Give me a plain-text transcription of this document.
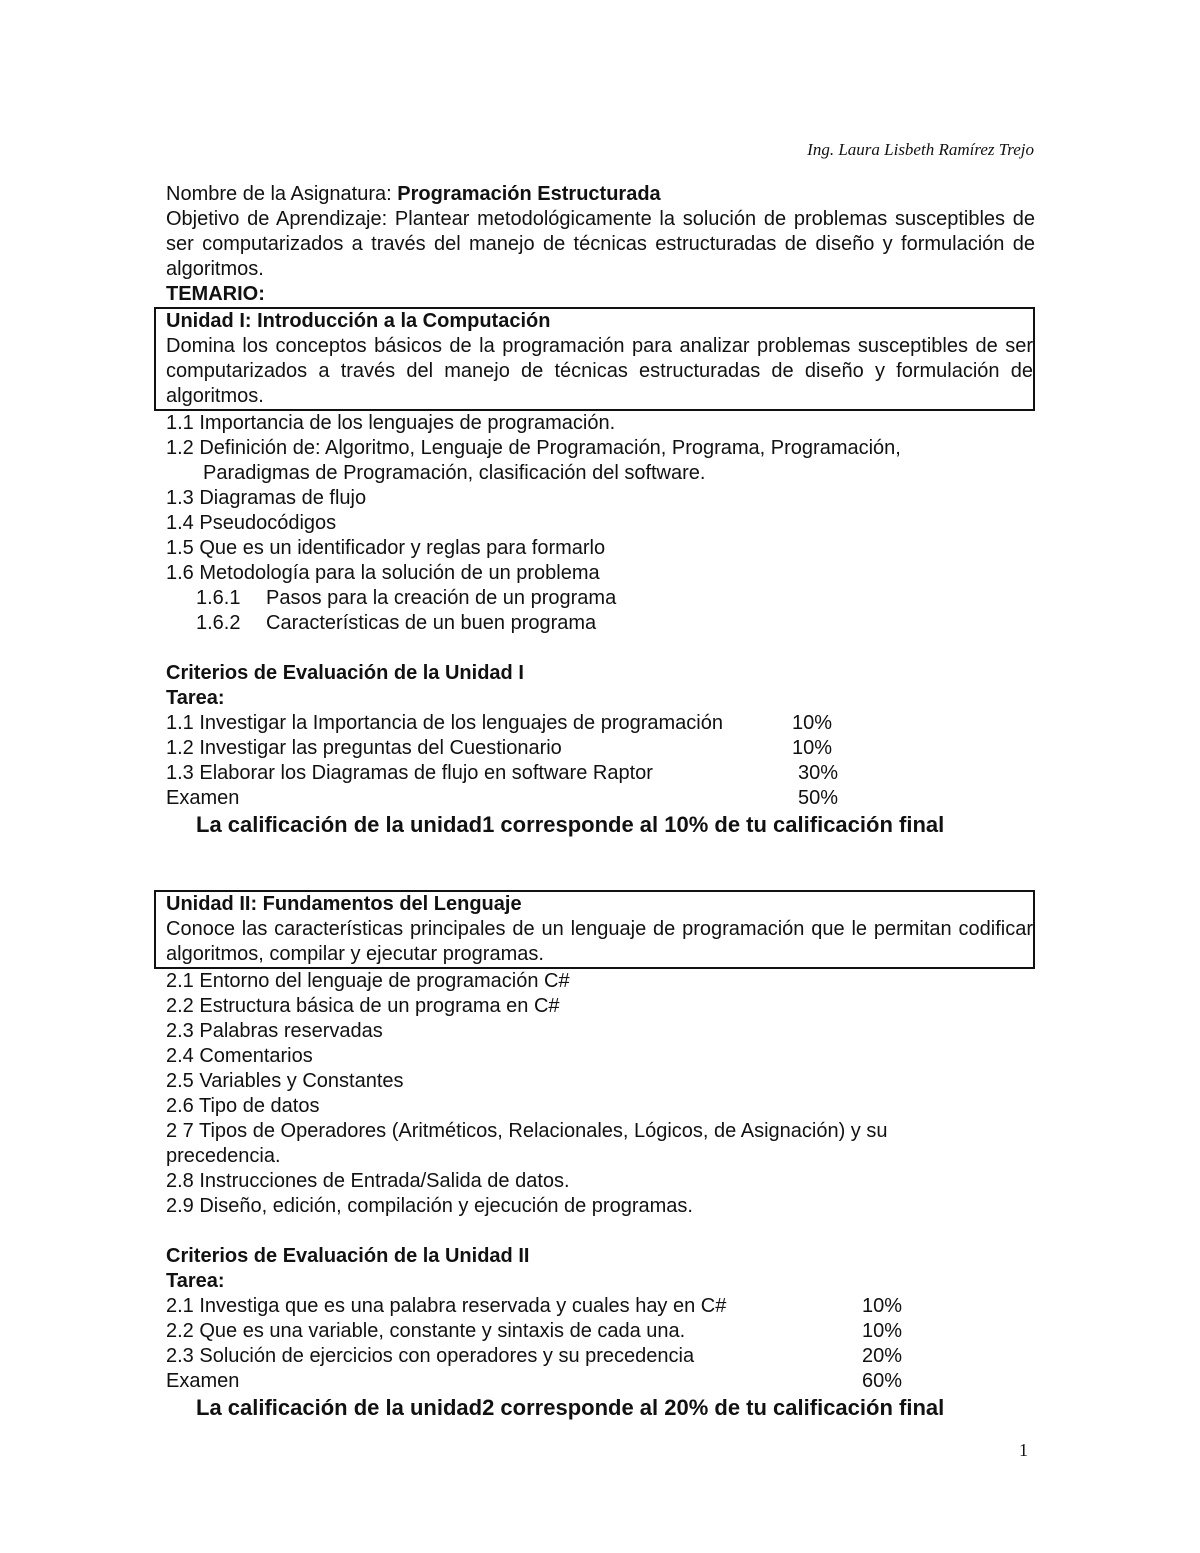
Ing. Laura Lisbeth Ramírez Trejo
Nombre de la Asignatura: Programación Estructurada
Objetivo de Aprendizaje: Plantear metodológicamente la solución de problemas susceptibles de ser computarizados a través del manejo de técnicas estructuradas de diseño y formulación de algoritmos.
TEMARIO:
Unidad I: Introducción a la Computación
Domina los conceptos básicos de la programación para analizar problemas susceptibles de ser computarizados a través del manejo de técnicas estructuradas de diseño y formulación de algoritmos.
1.1 Importancia de los lenguajes de programación.
1.2 Definición de: Algoritmo, Lenguaje de Programación, Programa, Programación,
Paradigmas de Programación, clasificación del software.
1.3 Diagramas de flujo
1.4 Pseudocódigos
1.5 Que es un identificador y reglas para formarlo
1.6 Metodología para la solución de un problema
1.6.1 Pasos para la creación de un programa
1.6.2 Características de un buen programa
Criterios de Evaluación de la Unidad I
Tarea:
1.1 Investigar la Importancia de los lenguajes de programación	10%
1.2 Investigar las preguntas del Cuestionario	10%
1.3 Elaborar los Diagramas de flujo en software Raptor	30%
Examen	50%
La calificación de la unidad1 corresponde al 10% de tu calificación final
Unidad II: Fundamentos del Lenguaje
Conoce las características principales de un lenguaje de programación que le permitan codificar algoritmos, compilar y ejecutar programas.
2.1 Entorno del lenguaje de programación C#
2.2 Estructura básica de un programa en C#
2.3 Palabras reservadas
2.4 Comentarios
2.5 Variables y Constantes
2.6 Tipo de datos
2 7 Tipos de Operadores (Aritméticos, Relacionales, Lógicos, de Asignación) y su
precedencia.
2.8 Instrucciones de Entrada/Salida de datos.
2.9 Diseño, edición, compilación y ejecución de programas.
Criterios de Evaluación de la Unidad II
Tarea:
2.1 Investiga que es una palabra reservada y cuales hay en C#	10%
2.2 Que es una variable, constante y sintaxis de cada una.	10%
2.3 Solución de ejercicios con operadores y su precedencia	20%
Examen	60%
La calificación de la unidad2 corresponde al 20% de tu calificación final
1
